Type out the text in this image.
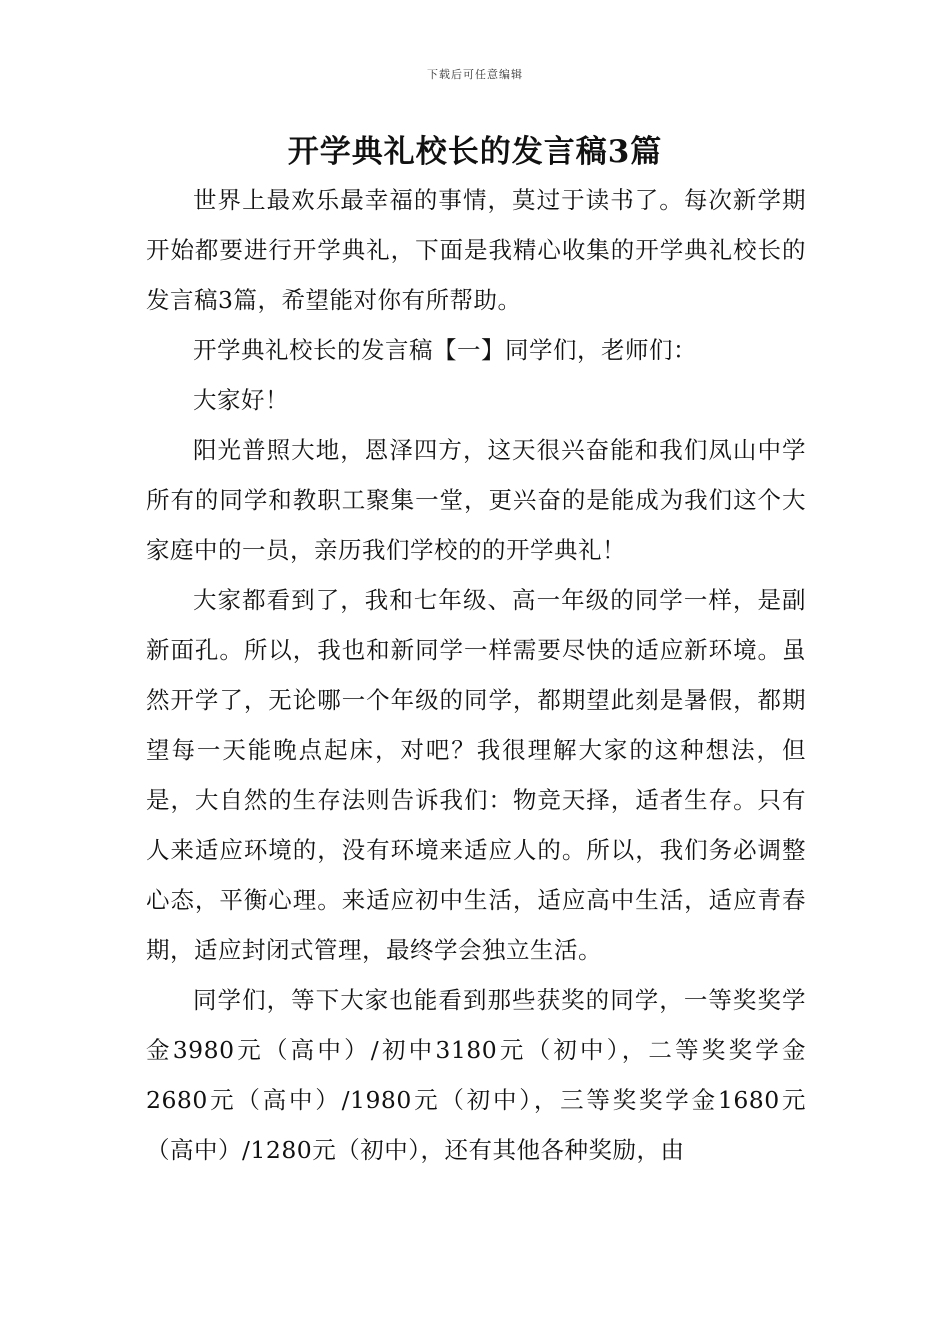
下载后可任意编辑
开学典礼校长的发言稿3篇

世界上最欢乐最幸福的事情，莫过于读书了。每次新学期开始都要进行开学典礼，下面是我精心收集的开学典礼校长的发言稿3篇，希望能对你有所帮助。

开学典礼校长的发言稿【一】同学们，老师们：

大家好！

阳光普照大地，恩泽四方，这天很兴奋能和我们凤山中学所有的同学和教职工聚集一堂，更兴奋的是能成为我们这个大家庭中的一员，亲历我们学校的的开学典礼！

大家都看到了，我和七年级、高一年级的同学一样，是副新面孔。所以，我也和新同学一样需要尽快的适应新环境。虽然开学了，无论哪一个年级的同学，都期望此刻是暑假，都期望每一天能晚点起床，对吧？我很理解大家的这种想法，但是，大自然的生存法则告诉我们：物竞天择，适者生存。只有人来适应环境的，没有环境来适应人的。所以，我们务必调整心态，平衡心理。来适应初中生活，适应高中生活，适应青春期，适应封闭式管理，最终学会独立生活。

同学们，等下大家也能看到那些获奖的同学，一等奖奖学金3980元（高中）/初中3180元（初中），二等奖奖学金2680元（高中）/1980元（初中），三等奖奖学金1680元（高中）/1280元（初中），还有其他各种奖励，由
